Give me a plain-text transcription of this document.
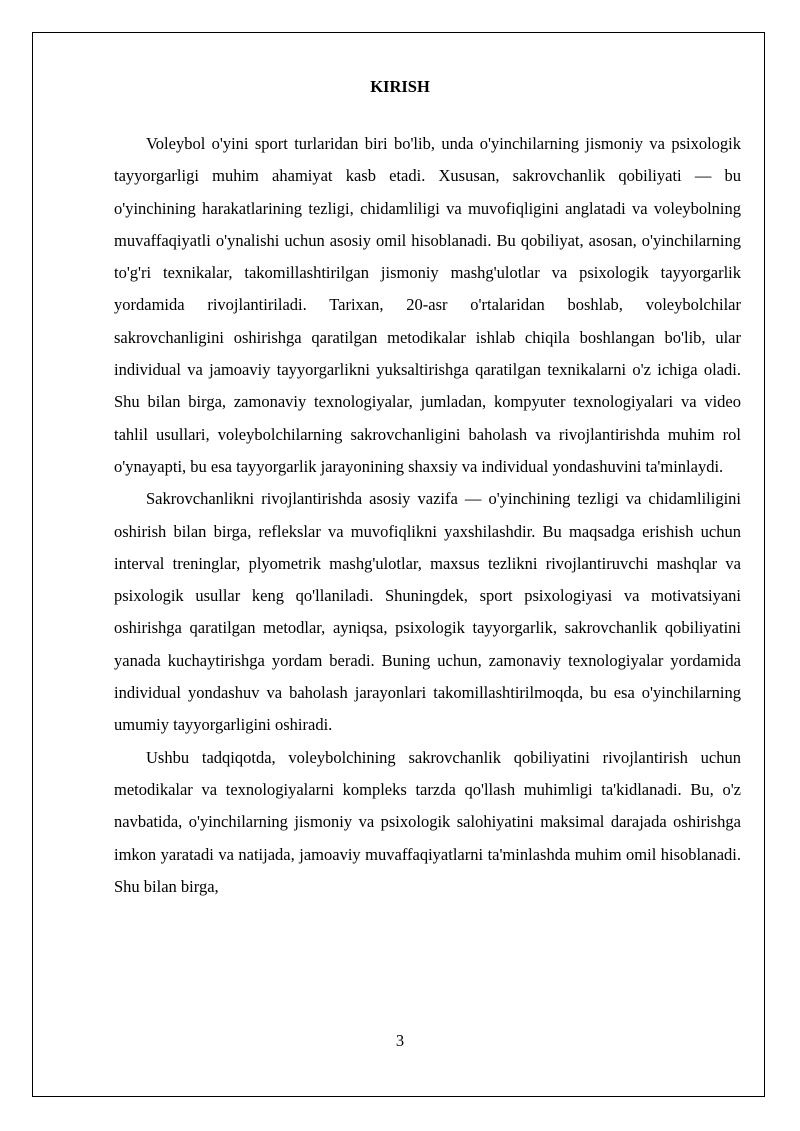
KIRISH

Voleybol o'yini sport turlaridan biri bo'lib, unda o'yinchilarning jismoniy va psixologik tayyorgarligi muhim ahamiyat kasb etadi. Xususan, sakrovchanlik qobiliyati — bu o'yinchining harakatlarining tezligi, chidamliligi va muvofiqligini anglatadi va voleybolning muvaffaqiyatli o'ynalishi uchun asosiy omil hisoblanadi. Bu qobiliyat, asosan, o'yinchilarning to'g'ri texnikalar, takomillashtirilgan jismoniy mashg'ulotlar va psixologik tayyorgarlik yordamida rivojlantiriladi. Tarixan, 20-asr o'rtalaridan boshlab, voleybolchilar sakrovchanligini oshirishga qaratilgan metodikalar ishlab chiqila boshlangan bo'lib, ular individual va jamoaviy tayyorgarlikni yuksaltirishga qaratilgan texnikalarni o'z ichiga oladi. Shu bilan birga, zamonaviy texnologiyalar, jumladan, kompyuter texnologiyalari va video tahlil usullari, voleybolchilarning sakrovchanligini baholash va rivojlantirishda muhim rol o'ynayapti, bu esa tayyorgarlik jarayonining shaxsiy va individual yondashuvini ta'minlaydi.

Sakrovchanlikni rivojlantirishda asosiy vazifa — o'yinchining tezligi va chidamliligini oshirish bilan birga, reflekslar va muvofiqlikni yaxshilashdir. Bu maqsadga erishish uchun interval treninglar, plyometrik mashg'ulotlar, maxsus tezlikni rivojlantiruvchi mashqlar va psixologik usullar keng qo'llaniladi. Shuningdek, sport psixologiyasi va motivatsiyani oshirishga qaratilgan metodlar, ayniqsa, psixologik tayyorgarlik, sakrovchanlik qobiliyatini yanada kuchaytirishga yordam beradi. Buning uchun, zamonaviy texnologiyalar yordamida individual yondashuv va baholash jarayonlari takomillashtirilmoqda, bu esa o'yinchilarning umumiy tayyorgarligini oshiradi.

Ushbu tadqiqotda, voleybolchining sakrovchanlik qobiliyatini rivojlantirish uchun metodikalar va texnologiyalarni kompleks tarzda qo'llash muhimligi ta'kidlanadi. Bu, o'z navbatida, o'yinchilarning jismoniy va psixologik salohiyatini maksimal darajada oshirishga imkon yaratadi va natijada, jamoaviy muvaffaqiyatlarni ta'minlashda muhim omil hisoblanadi. Shu bilan birga,

3
